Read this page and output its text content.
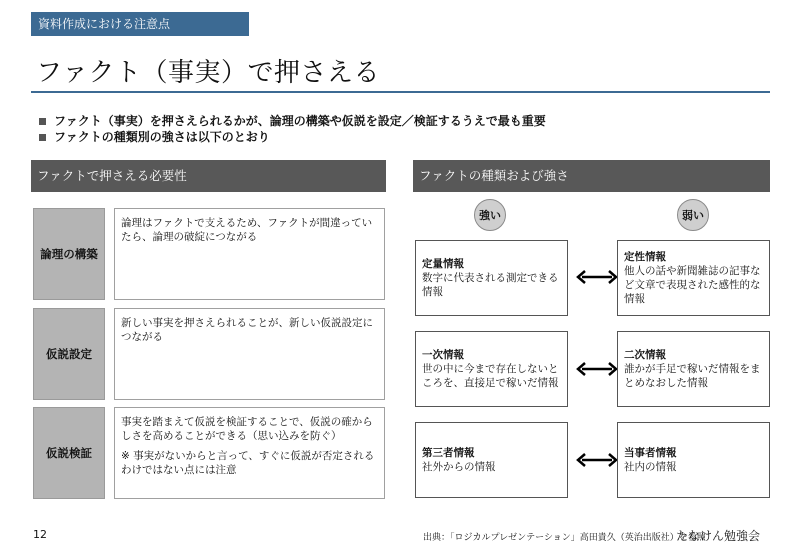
資料作成における注意点
ファクト（事実）で押さえる
ファクト（事実）を押さえられるかが、論理の構築や仮説を設定／検証するうえで最も重要
ファクトの種類別の強さは以下のとおり
ファクトで押さえる必要性
論理の構築

論理はファクトで支えるため、ファクトが間違っていたら、論理の破綻につながる

仮説設定

新しい事実を押さえられることが、新しい仮説設定につながる

仮説検証

事実を踏まえて仮説を検証することで、仮説の確からしさを高めることができる（思い込みを防ぐ）

※ 事実がないからと言って、すぐに仮説が否定されるわけではない点には注意

ファクトの種類および強さ
強い	弱い
定量情報
数字に代表される測定できる情報
定性情報
他人の話や新聞雑誌の記事など文章で表現された感性的な情報
一次情報
世の中に今まで存在しないところを、直接足で稼いだ情報
二次情報
誰かが手足で稼いだ情報をまとめなおした情報
第三者情報
社外からの情報
当事者情報
社内の情報
12	出典：「ロジカルプレゼンテーション」高田貴久（英治出版社）を参照
たなけん勉強会
